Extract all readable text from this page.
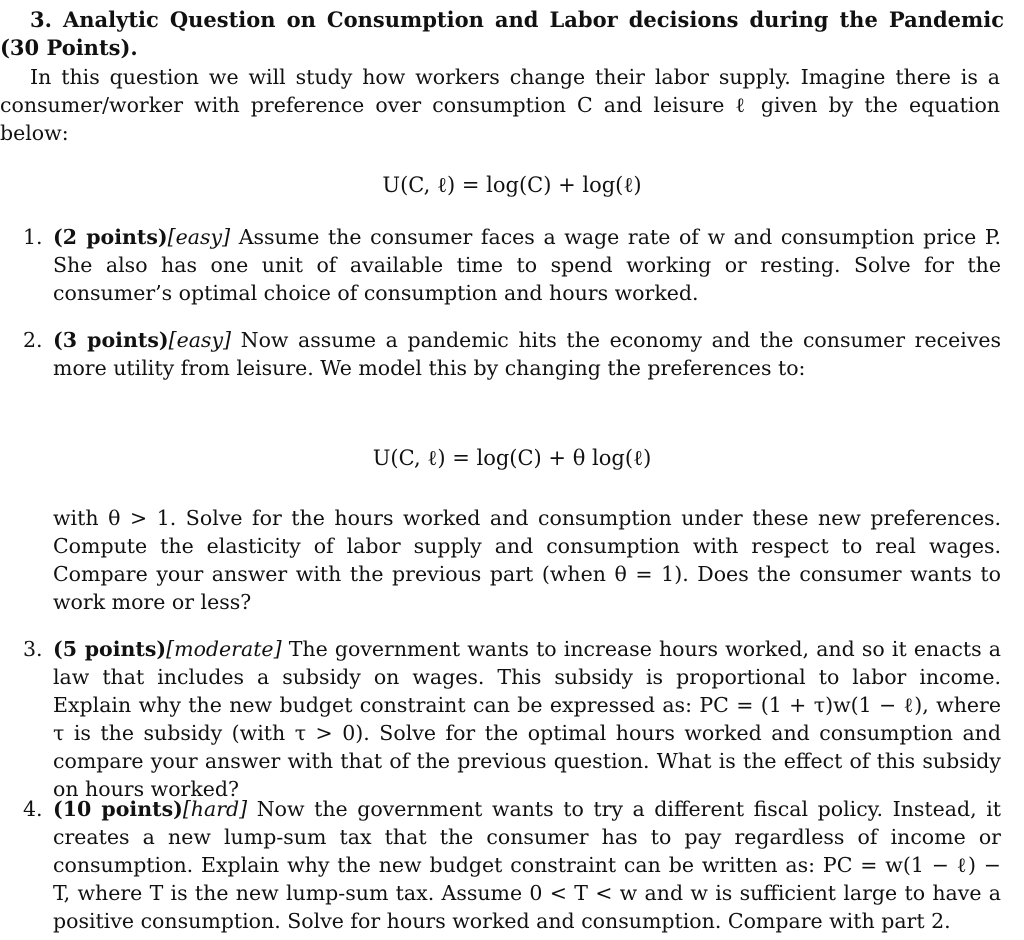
3. Analytic Question on Consumption and Labor decisions during the Pandemic (30 Points).

In this question we will study how workers change their labor supply. Imagine there is a consumer/worker with preference over consumption C and leisure ℓ given by the equation below:

U(C, ℓ) = log(C) + log(ℓ)

1. (2 points)[easy] Assume the consumer faces a wage rate of w and consumption price P. She also has one unit of available time to spend working or resting. Solve for the consumer’s optimal choice of consumption and hours worked.
2. (3 points)[easy] Now assume a pandemic hits the economy and the consumer receives more utility from leisure. We model this by changing the preferences to:

U(C, ℓ) = log(C) + θ log(ℓ)

with θ > 1. Solve for the hours worked and consumption under these new preferences. Compute the elasticity of labor supply and consumption with respect to real wages. Compare your answer with the previous part (when θ = 1). Does the consumer wants to work more or less?

3. (5 points)[moderate] The government wants to increase hours worked, and so it enacts a law that includes a subsidy on wages. This subsidy is proportional to labor income. Explain why the new budget constraint can be expressed as: PC = (1 + τ)w(1 − ℓ), where τ is the subsidy (with τ > 0). Solve for the optimal hours worked and consumption and compare your answer with that of the previous question. What is the effect of this subsidy on hours worked?
4. (10 points)[hard] Now the government wants to try a different fiscal policy. Instead, it creates a new lump-sum tax that the consumer has to pay regardless of income or consumption. Explain why the new budget constraint can be written as: PC = w(1 − ℓ) − T, where T is the new lump-sum tax. Assume 0 < T < w and w is sufficient large to have a positive consumption. Solve for hours worked and consumption. Compare with part 2.
